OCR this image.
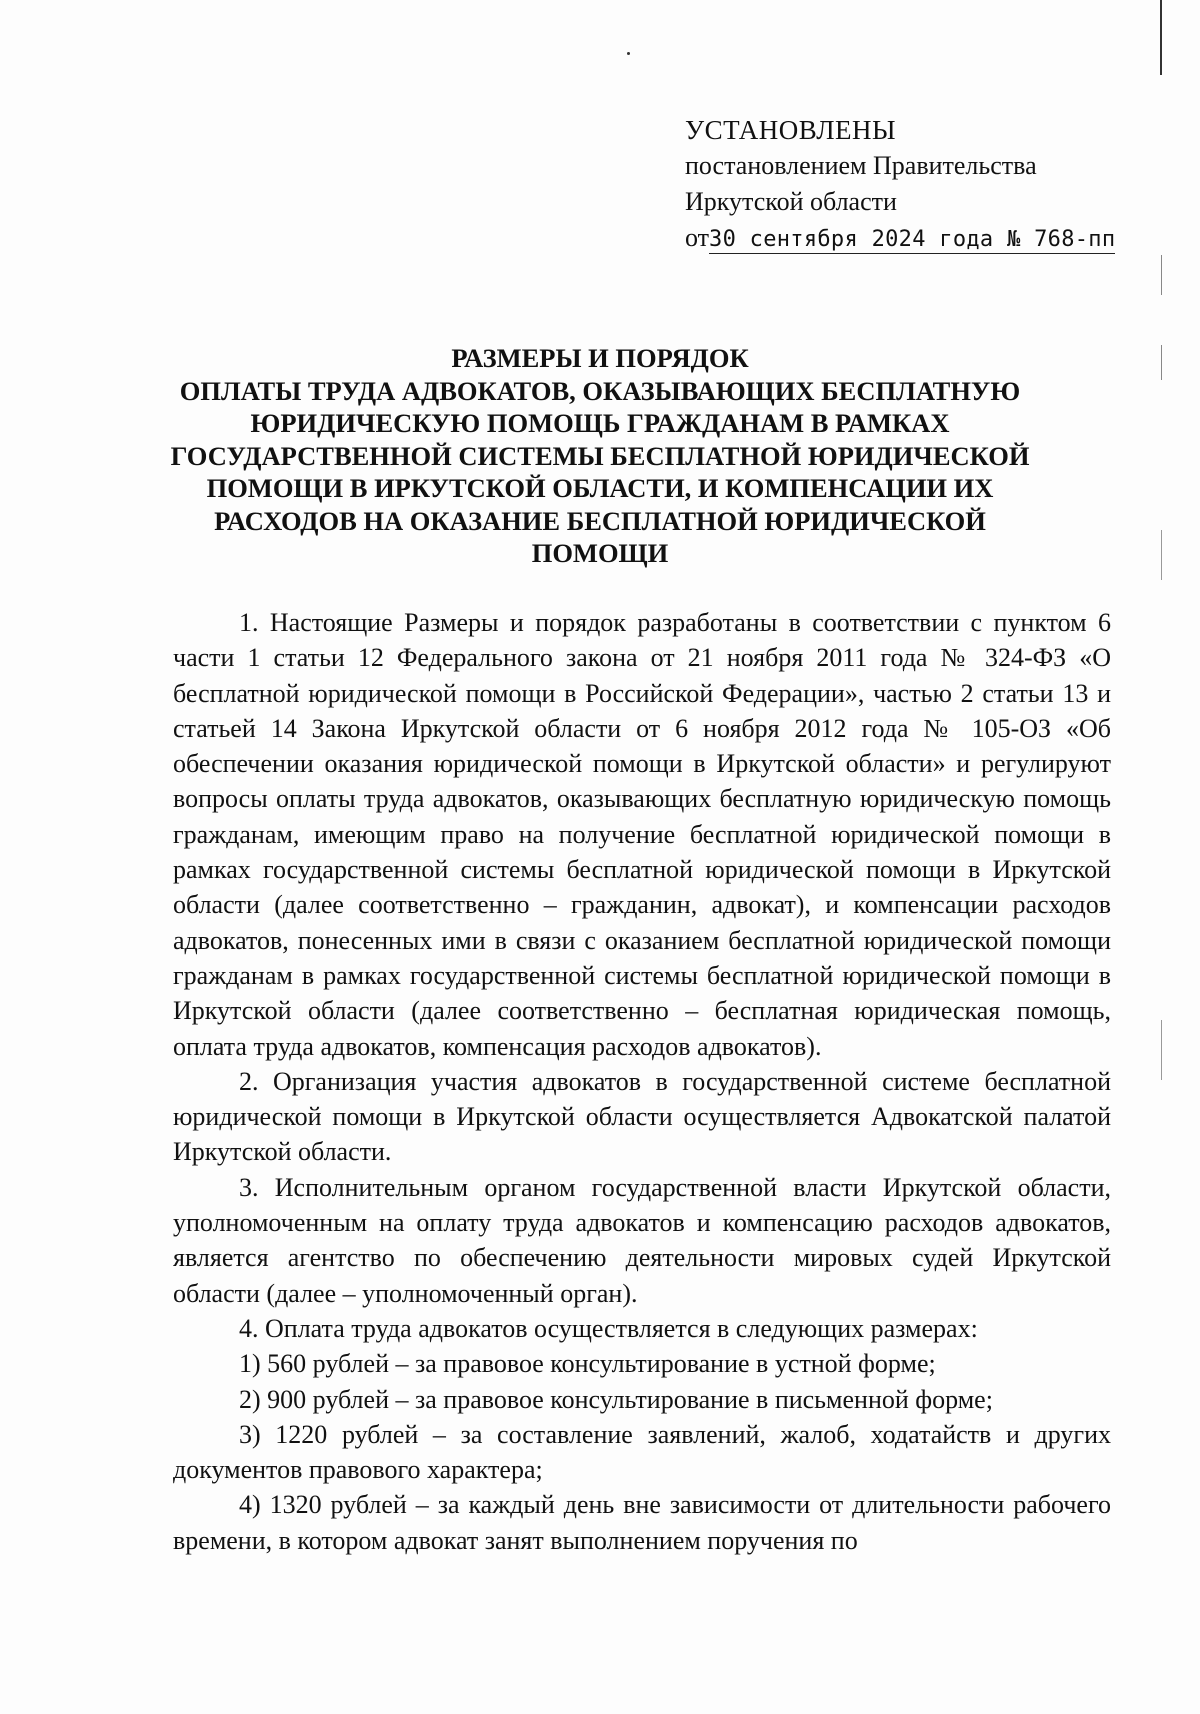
УСТАНОВЛЕНЫ
постановлением Правительства
Иркутской области
от30 сентября 2024 года № 768-пп
РАЗМЕРЫ И ПОРЯДОК
ОПЛАТЫ ТРУДА АДВОКАТОВ, ОКАЗЫВАЮЩИХ БЕСПЛАТНУЮ
ЮРИДИЧЕСКУЮ ПОМОЩЬ ГРАЖДАНАМ В РАМКАХ
ГОСУДАРСТВЕННОЙ СИСТЕМЫ БЕСПЛАТНОЙ ЮРИДИЧЕСКОЙ
ПОМОЩИ В ИРКУТСКОЙ ОБЛАСТИ, И КОМПЕНСАЦИИ ИХ
РАСХОДОВ НА ОКАЗАНИЕ БЕСПЛАТНОЙ ЮРИДИЧЕСКОЙ
ПОМОЩИ

1. Настоящие Размеры и порядок разработаны в соответствии с пунктом 6 части 1 статьи 12 Федерального закона от 21 ноября 2011 года № 324-ФЗ «О бесплатной юридической помощи в Российской Федерации», частью 2 статьи 13 и статьей 14 Закона Иркутской области от 6 ноября 2012 года № 105-ОЗ «Об обеспечении оказания юридической помощи в Иркутской области» и регулируют вопросы оплаты труда адвокатов, оказывающих бесплатную юридическую помощь гражданам, имеющим право на получение бесплатной юридической помощи в рамках государственной системы бесплатной юридической помощи в Иркутской области (далее соответственно – гражданин, адвокат), и компенсации расходов адвокатов, понесенных ими в связи с оказанием бесплатной юридической помощи гражданам в рамках государственной системы бесплатной юридической помощи в Иркутской области (далее соответственно – бесплатная юридическая помощь, оплата труда адвокатов, компенсация расходов адвокатов).

2. Организация участия адвокатов в государственной системе бесплатной юридической помощи в Иркутской области осуществляется Адвокатской палатой Иркутской области.

3. Исполнительным органом государственной власти Иркутской области, уполномоченным на оплату труда адвокатов и компенсацию расходов адвокатов, является агентство по обеспечению деятельности мировых судей Иркутской области (далее – уполномоченный орган).

4. Оплата труда адвокатов осуществляется в следующих размерах:

1) 560 рублей – за правовое консультирование в устной форме;

2) 900 рублей – за правовое консультирование в письменной форме;

3) 1220 рублей – за составление заявлений, жалоб, ходатайств и других документов правового характера;

4) 1320 рублей – за каждый день вне зависимости от длительности рабочего времени, в котором адвокат занят выполнением поручения по
